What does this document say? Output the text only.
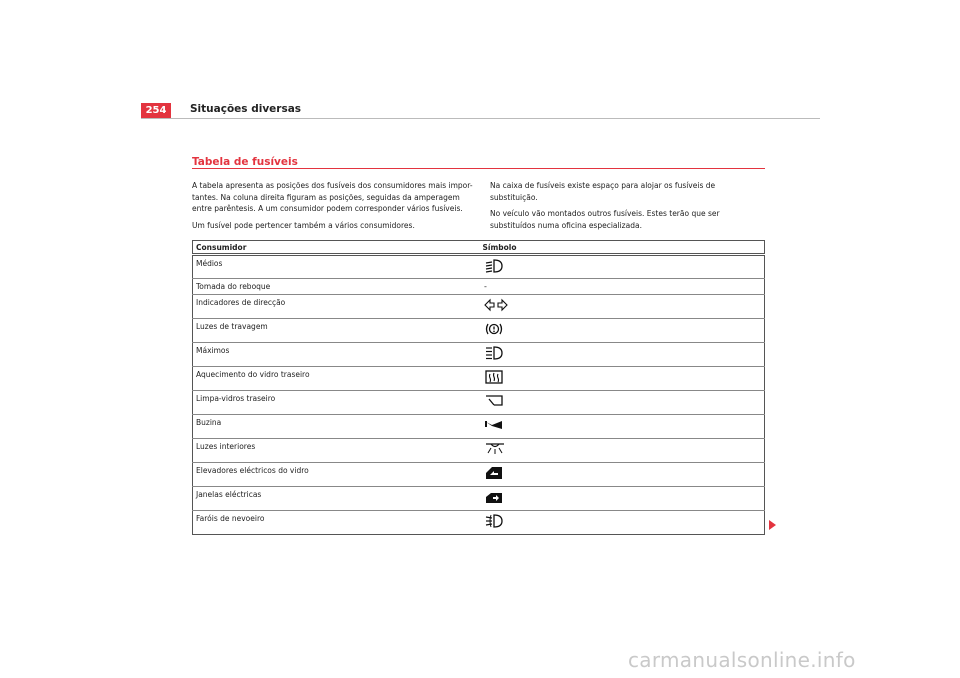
254	Situações diversas
Tabela de fusíveis

A tabela apresenta as posições dos fusíveis dos consumidores mais impor-tantes. Na coluna direita figuram as posições, seguidas da amperagem entre parêntesis. A um consumidor podem corresponder vários fusíveis.

Um fusível pode pertencer também a vários consumidores.

Na caixa de fusíveis existe espaço para alojar os fusíveis de substituição.

No veículo vão montados outros fusíveis. Estes terão que ser substituídos numa oficina especializada.

Consumidor Símbolo	

Médios	

Tomada do reboque	-

Indicadores de direcção	

Luzes de travagem	

Máximos	

Aquecimento do vidro traseiro	

Limpa-vidros traseiro	

Buzina	

Luzes interiores	

Elevadores eléctricos do vidro	

Janelas eléctricas	

Faróis de nevoeiro	
carmanualsonline.info
